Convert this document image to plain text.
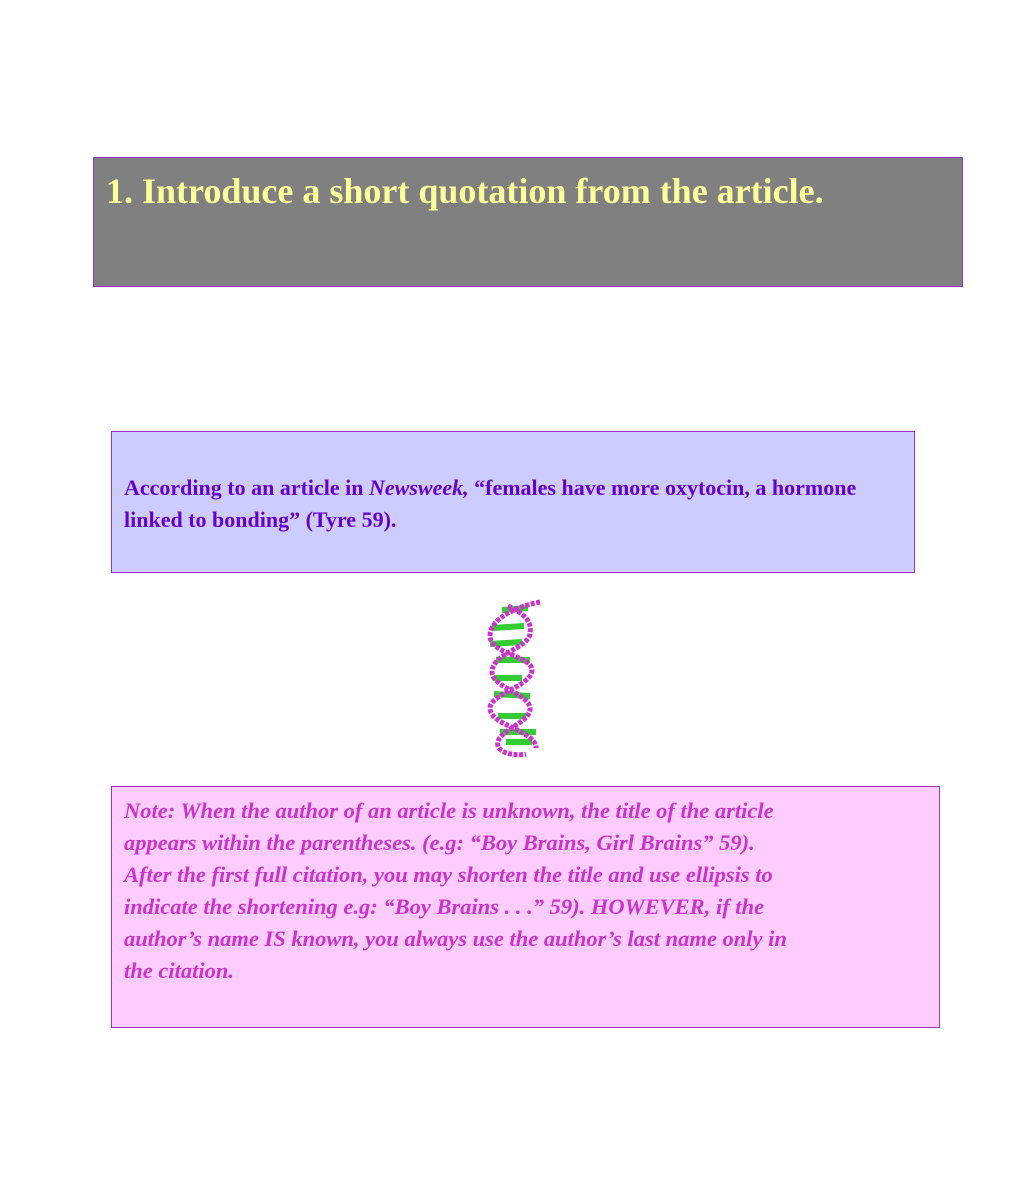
1. Introduce a short quotation from the article.

According to an article in Newsweek, “females have more oxytocin, a hormone linked to bonding” (Tyre 59).

Note: When the author of an article is unknown, the title of the article
appears within the parentheses. (e.g: “Boy Brains, Girl Brains” 59).
After the first full citation, you may shorten the title and use ellipsis to
indicate the shortening e.g: “Boy Brains . . .” 59). HOWEVER, if the
author’s name IS known, you always use the author’s last name only in
the citation.
